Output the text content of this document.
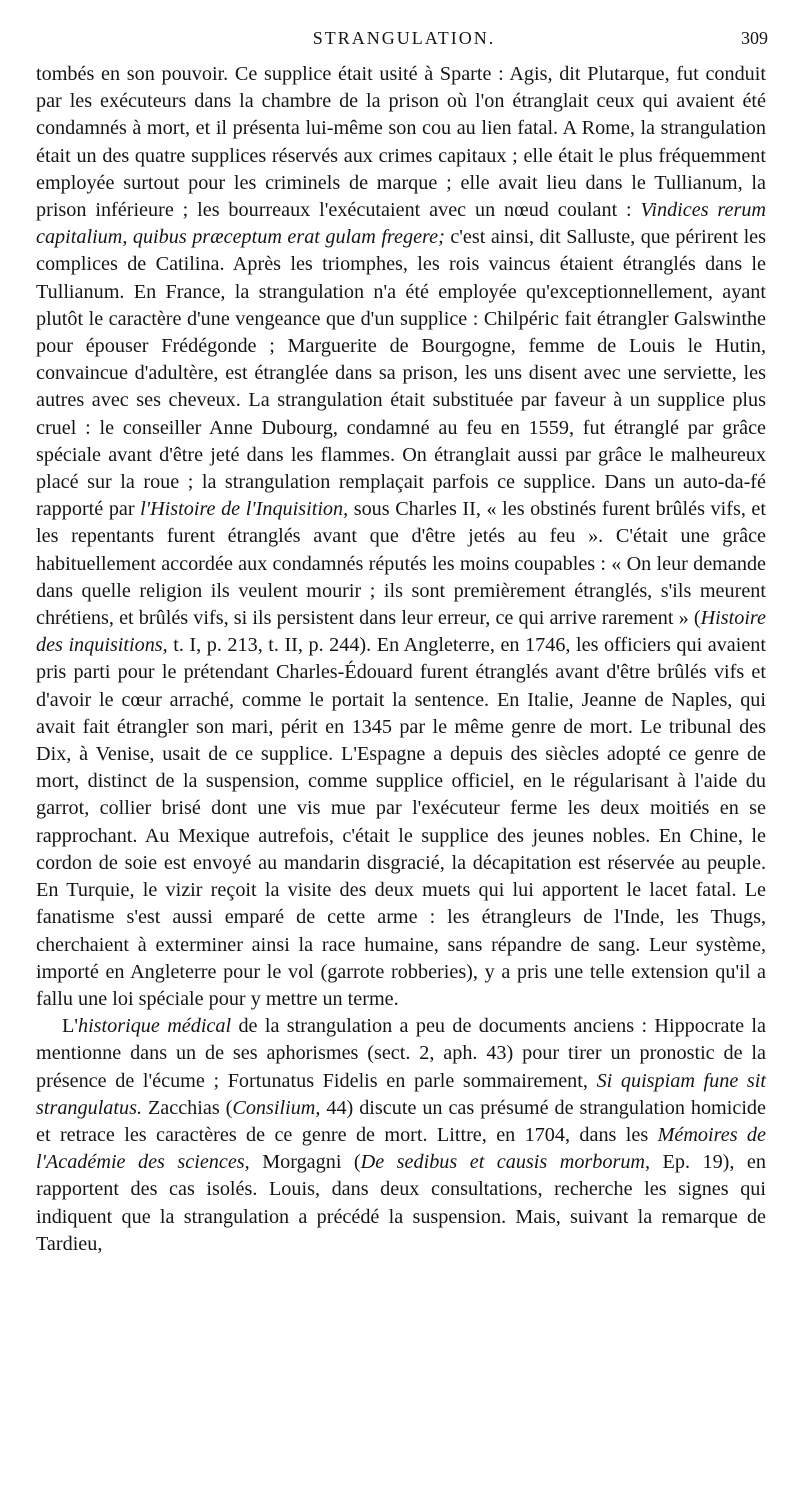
STRANGULATION.	309

tombés en son pouvoir. Ce supplice était usité à Sparte : Agis, dit Plutarque, fut conduit par les exécuteurs dans la chambre de la prison où l'on étranglait ceux qui avaient été condamnés à mort, et il présenta lui-même son cou au lien fatal. A Rome, la strangulation était un des quatre supplices réservés aux crimes capitaux ; elle était le plus fréquemment employée surtout pour les criminels de marque ; elle avait lieu dans le Tullianum, la prison inférieure ; les bourreaux l'exécutaient avec un nœud coulant : Vindices rerum capitalium, quibus præceptum erat gulam fregere; c'est ainsi, dit Salluste, que périrent les complices de Catilina. Après les triomphes, les rois vaincus étaient étranglés dans le Tullianum. En France, la strangulation n'a été employée qu'exceptionnellement, ayant plutôt le caractère d'une vengeance que d'un supplice : Chilpéric fait étrangler Galswinthe pour épouser Frédégonde ; Marguerite de Bourgogne, femme de Louis le Hutin, convaincue d'adultère, est étranglée dans sa prison, les uns disent avec une serviette, les autres avec ses cheveux. La strangulation était substituée par faveur à un supplice plus cruel : le conseiller Anne Dubourg, condamné au feu en 1559, fut étranglé par grâce spéciale avant d'être jeté dans les flammes. On étranglait aussi par grâce le malheureux placé sur la roue ; la strangulation remplaçait parfois ce supplice. Dans un auto-da-fé rapporté par l'Histoire de l'Inquisition, sous Charles II, « les obstinés furent brûlés vifs, et les repentants furent étranglés avant que d'être jetés au feu ». C'était une grâce habituellement accordée aux condamnés réputés les moins coupables : « On leur demande dans quelle religion ils veulent mourir ; ils sont premièrement étranglés, s'ils meurent chrétiens, et brûlés vifs, si ils persistent dans leur erreur, ce qui arrive rarement » (Histoire des inquisitions, t. I, p. 213, t. II, p. 244). En Angleterre, en 1746, les officiers qui avaient pris parti pour le prétendant Charles-Édouard furent étranglés avant d'être brûlés vifs et d'avoir le cœur arraché, comme le portait la sentence. En Italie, Jeanne de Naples, qui avait fait étrangler son mari, périt en 1345 par le même genre de mort. Le tribunal des Dix, à Venise, usait de ce supplice. L'Espagne a depuis des siècles adopté ce genre de mort, distinct de la suspension, comme supplice officiel, en le régularisant à l'aide du garrot, collier brisé dont une vis mue par l'exécuteur ferme les deux moitiés en se rapprochant. Au Mexique autrefois, c'était le supplice des jeunes nobles. En Chine, le cordon de soie est envoyé au mandarin disgracié, la décapitation est réservée au peuple. En Turquie, le vizir reçoit la visite des deux muets qui lui apportent le lacet fatal. Le fanatisme s'est aussi emparé de cette arme : les étrangleurs de l'Inde, les Thugs, cherchaient à exterminer ainsi la race humaine, sans répandre de sang. Leur système, importé en Angleterre pour le vol (garrote robberies), y a pris une telle extension qu'il a fallu une loi spéciale pour y mettre un terme.

L'historique médical de la strangulation a peu de documents anciens : Hippocrate la mentionne dans un de ses aphorismes (sect. 2, aph. 43) pour tirer un pronostic de la présence de l'écume ; Fortunatus Fidelis en parle sommairement, Si quispiam fune sit strangulatus. Zacchias (Consilium, 44) discute un cas présumé de strangulation homicide et retrace les caractères de ce genre de mort. Littre, en 1704, dans les Mémoires de l'Académie des sciences, Morgagni (De sedibus et causis morborum, Ep. 19), en rapportent des cas isolés. Louis, dans deux consultations, recherche les signes qui indiquent que la strangulation a précédé la suspension. Mais, suivant la remarque de Tardieu,
